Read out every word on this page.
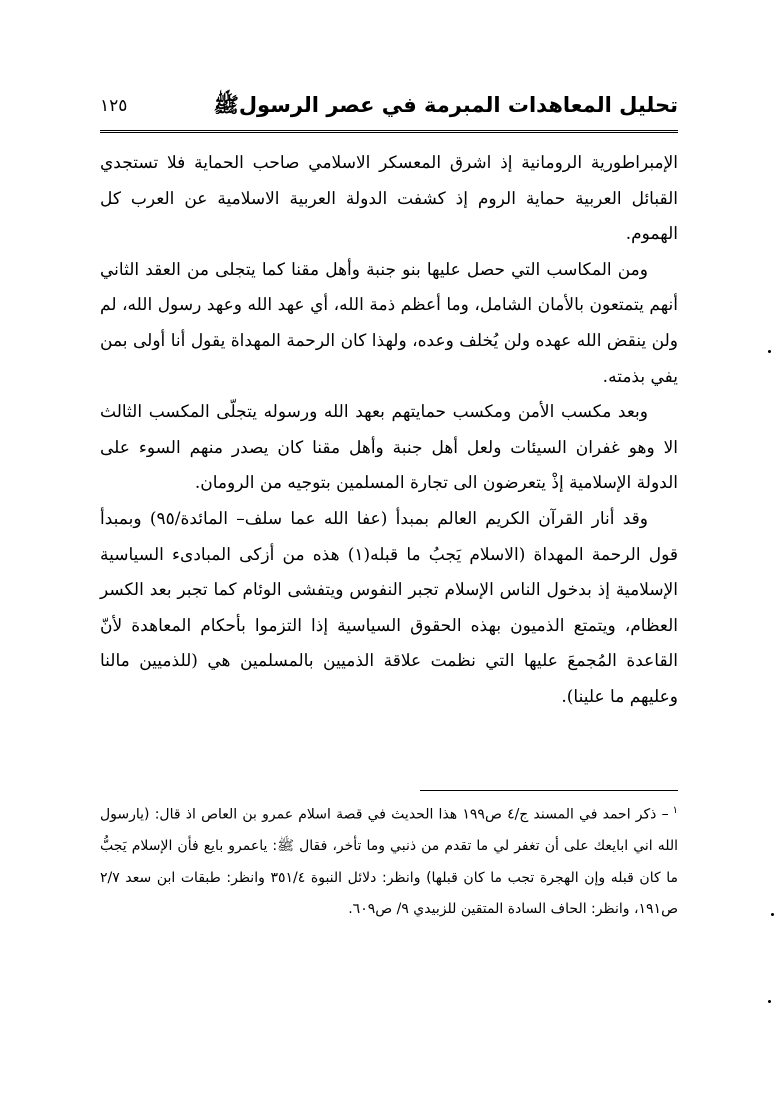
تحليل المعاهدات المبرمة في عصر الرسولﷺ
١٢٥

الإمبراطورية الرومانية إذ اشرق المعسكر الاسلامي صاحب الحماية فلا تستجدي القبائل العربية حماية الروم إذ كشفت الدولة العربية الاسلامية عن العرب كل الهموم.

ومن المكاسب التي حصل عليها بنو جنبة وأهل مقنا كما يتجلى من العقد الثاني أنهم يتمتعون بالأمان الشامل، وما أعظم ذمة الله، أي عهد الله وعهد رسول الله، لم ولن ينقض الله عهده ولن يُخلف وعده، ولهذا كان الرحمة المهداة يقول أنا أولى بمن يفي بذمته.

وبعد مكسب الأمن ومكسب حمايتهم بعهد الله ورسوله يتجلّى المكسب الثالث الا وهو غفران السيئات ولعل أهل جنبة وأهل مقنا كان يصدر منهم السوء على الدولة الإسلامية إذْ يتعرضون الى تجارة المسلمين بتوجيه من الرومان.

وقد أنار القرآن الكريم العالم بمبدأ (عفا الله عما سلف– المائدة/٩٥) وبمبدأ قول الرحمة المهداة (الاسلام يَجبُ ما قبله(١) هذه من أزكى المبادىء السياسية الإسلامية إذ بدخول الناس الإسلام تجبر النفوس ويتفشى الوئام كما تجبر بعد الكسر العظام، ويتمتع الذميون بهذه الحقوق السياسية إذا التزموا بأحكام المعاهدة لأنّ القاعدة المُجمعَ عليها التي نظمت علاقة الذميين بالمسلمين هي (للذميين مالنا وعليهم ما علينا).

$^١$– ذكر احمد في المسند ج/٤ ص١٩٩ هذا الحديث في قصة اسلام عمرو بن العاص اذ قال: (يارسول الله اني ابايعك على أن تغفر لي ما تقدم من ذنبي وما تأخر، فقال ﷺ: ياعمرو بايع فأن الإسلام يَجبُّ ما كان قبله وإن الهجرة تجب ما كان قبلها) وانظر: دلائل النبوة ٣٥١/٤ وانظر: طبقات ابن سعد ٢/٧ ص١٩١، وانظر: الحاف السادة المتقين للزبيدي ٩/ ص٦٠٩.
